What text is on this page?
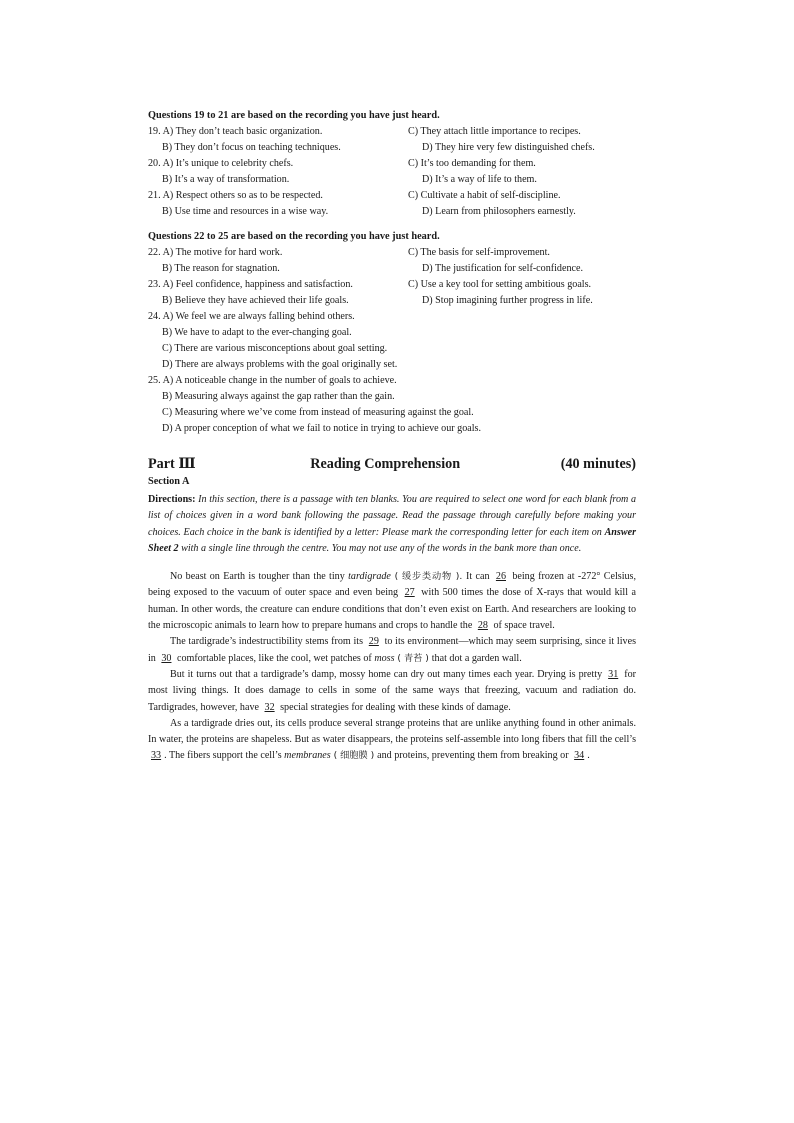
Questions 19 to 21 are based on the recording you have just heard.
19. A) They don’t teach basic organization.	C) They attach little importance to recipes.
B) They don’t focus on teaching techniques.	D) They hire very few distinguished chefs.
20. A) It’s unique to celebrity chefs.	C) It’s too demanding for them.
B) It’s a way of transformation.	D) It’s a way of life to them.
21. A) Respect others so as to be respected.	C) Cultivate a habit of self-discipline.
B) Use time and resources in a wise way.	D) Learn from philosophers earnestly.
Questions 22 to 25 are based on the recording you have just heard.
22. A) The motive for hard work.	C) The basis for self-improvement.
B) The reason for stagnation.	D) The justification for self-confidence.
23. A) Feel confidence, happiness and satisfaction.	C) Use a key tool for setting ambitious goals.
B) Believe they have achieved their life goals.	D) Stop imagining further progress in life.
24. A) We feel we are always falling behind others.
B) We have to adapt to the ever-changing goal.
C) There are various misconceptions about goal setting.
D) There are always problems with the goal originally set.
25. A) A noticeable change in the number of goals to achieve.
B) Measuring always against the gap rather than the gain.
C) Measuring where we’ve come from instead of measuring against the goal.
D) A proper conception of what we fail to notice in trying to achieve our goals.
Part Ⅲ	Reading Comprehension	(40 minutes)
Section A
Directions: In this section, there is a passage with ten blanks. You are required to select one word for each blank from a list of choices given in a word bank following the passage. Read the passage through carefully before making your choices. Each choice in the bank is identified by a letter: Please mark the corresponding letter for each item on Answer Sheet 2 with a single line through the centre. You may not use any of the words in the bank more than once.

No beast on Earth is tougher than the tiny tardigrade ( 缓步类动物 ). It can 26 being frozen at -272° Celsius, being exposed to the vacuum of outer space and even being 27 with 500 times the dose of X-rays that would kill a human. In other words, the creature can endure conditions that don’t even exist on Earth. And researchers are looking to the microscopic animals to learn how to prepare humans and crops to handle the 28 of space travel.

The tardigrade’s indestructibility stems from its 29 to its environment—which may seem surprising, since it lives in 30 comfortable places, like the cool, wet patches of moss ( 青苔 ) that dot a garden wall.

But it turns out that a tardigrade’s damp, mossy home can dry out many times each year. Drying is pretty 31 for most living things. It does damage to cells in some of the same ways that freezing, vacuum and radiation do. Tardigrades, however, have 32 special strategies for dealing with these kinds of damage.

As a tardigrade dries out, its cells produce several strange proteins that are unlike anything found in other animals. In water, the proteins are shapeless. But as water disappears, the proteins self-assemble into long fibers that fill the cell’s 33 . The fibers support the cell’s membranes ( 细胞膜 ) and proteins, preventing them from breaking or 34 .
